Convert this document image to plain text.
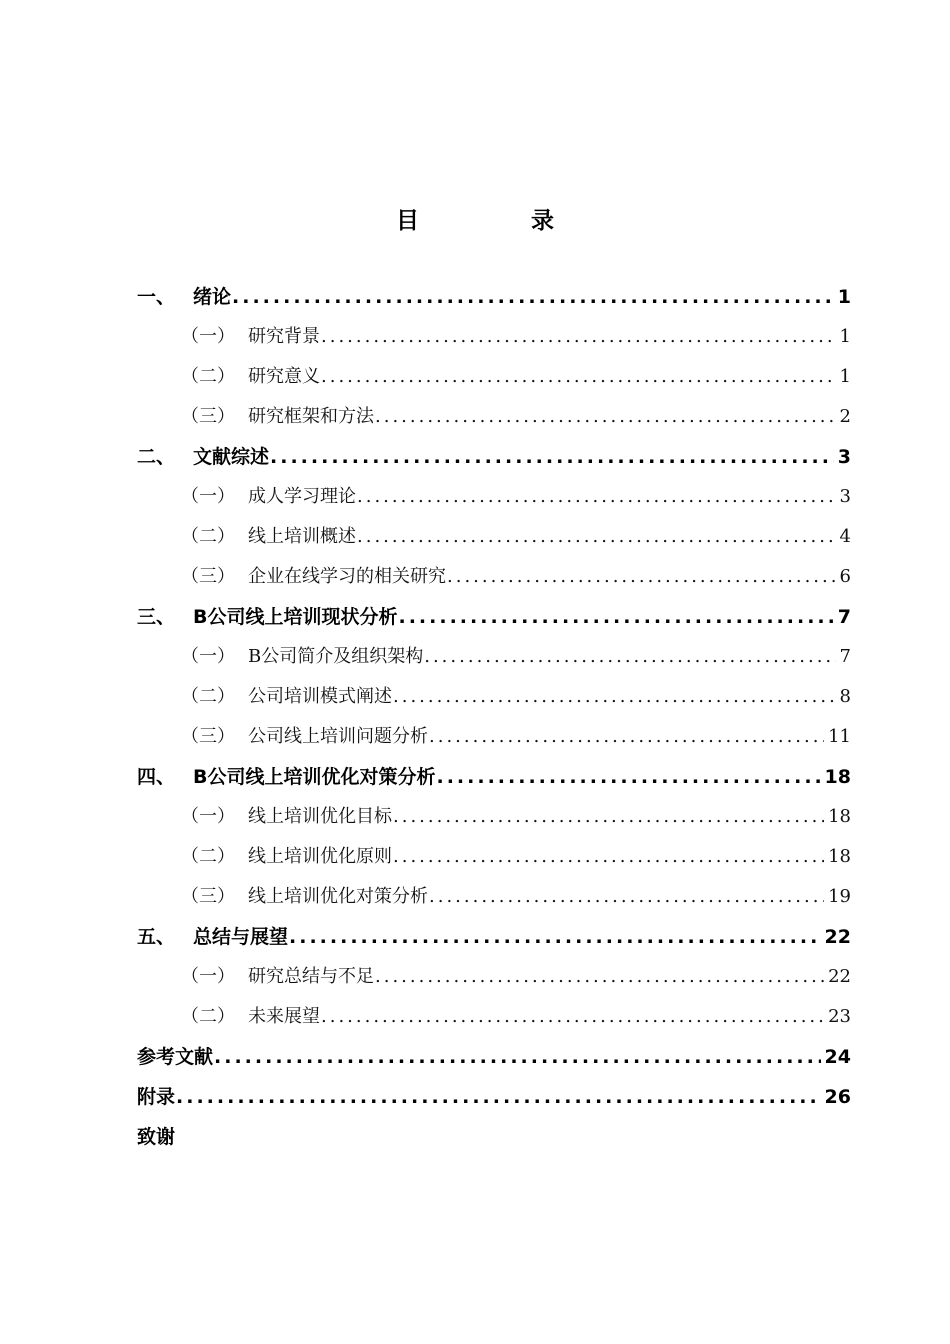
目 录
一、 绪论 .....	1
（一） 研究背景 .....	1
（二） 研究意义 .....	1
（三） 研究框架和方法 .....	2
二、 文献综述 .....	3
（一） 成人学习理论 .....	3
（二） 线上培训概述 .....	4
（三） 企业在线学习的相关研究 .....	6
三、 B公司线上培训现状分析 .....	7
（一） B公司简介及组织架构 .....	7
（二） 公司培训模式阐述 .....	8
（三） 公司线上培训问题分析 .....	11
四、 B公司线上培训优化对策分析 .....	18
（一） 线上培训优化目标 .....	18
（二） 线上培训优化原则 .....	18
（三） 线上培训优化对策分析 .....	19
五、 总结与展望 .....	22
（一） 研究总结与不足 .....	22
（二） 未来展望 .....	23
参考文献 .....	24
附录 .....	26
致谢
